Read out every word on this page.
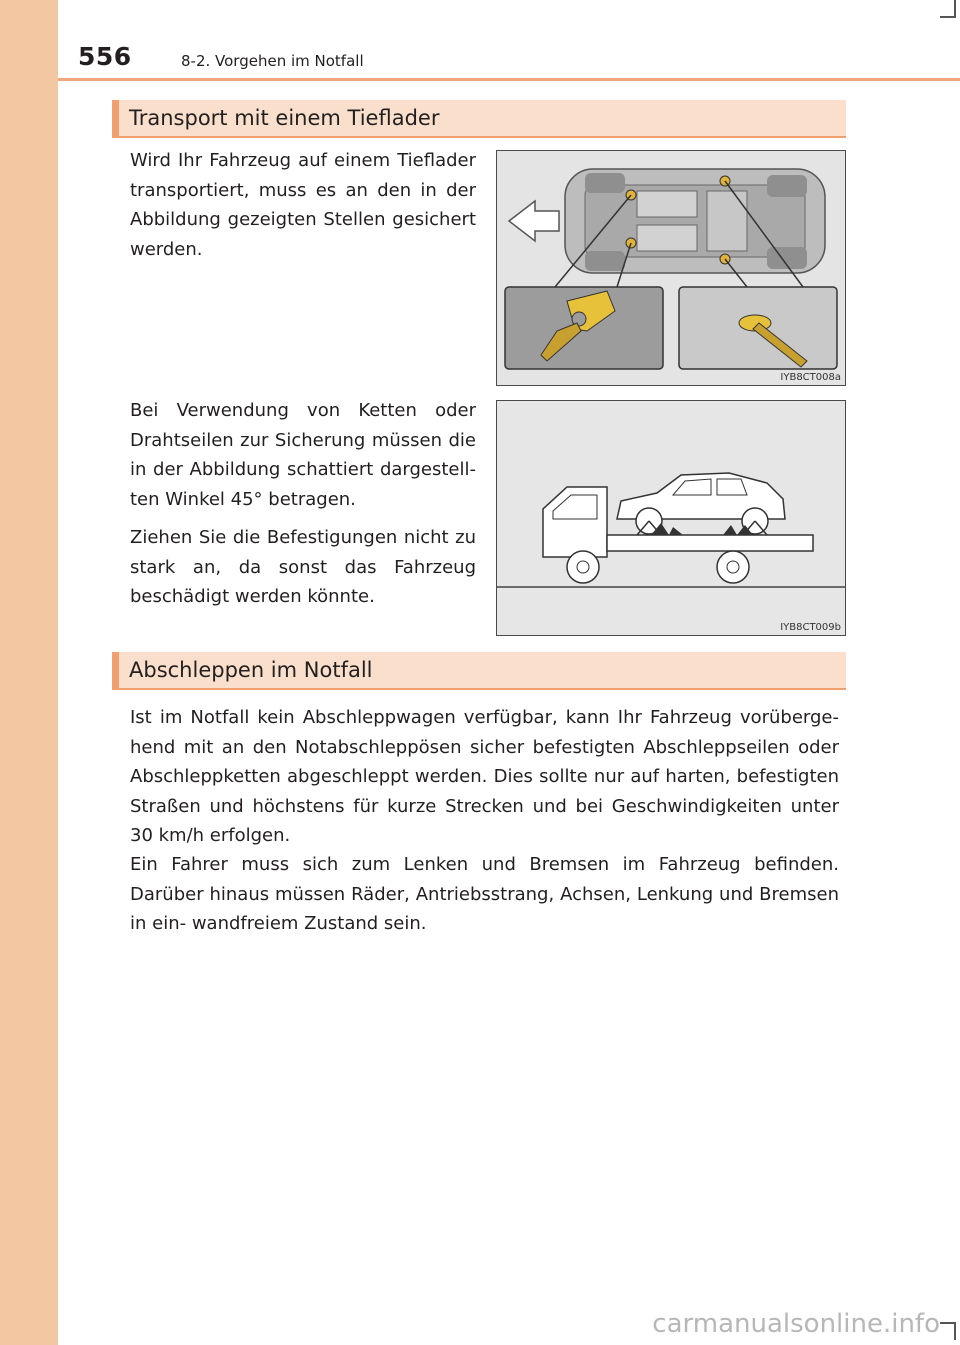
556	8-2. Vorgehen im Notfall
Transport mit einem Tieflader
Wird Ihr Fahrzeug auf einem Tieflader transportiert, muss es an den in der Abbildung gezeigten Stellen gesichert werden.
Bei Verwendung von Ketten oder Drahtseilen zur Sicherung müssen die in der Abbildung schattiert dargestell- ten Winkel 45° betragen.
Ziehen Sie die Befestigungen nicht zu stark an, da sonst das Fahrzeug beschädigt werden könnte.
IYB8CT008a
IYB8CT009b
Abschleppen im Notfall
Ist im Notfall kein Abschleppwagen verfügbar, kann Ihr Fahrzeug vorüberge- hend mit an den Notabschleppösen sicher befestigten Abschleppseilen oder Abschleppketten abgeschleppt werden. Dies sollte nur auf harten, befestigten Straßen und höchstens für kurze Strecken und bei Geschwindigkeiten unter 30 km/h erfolgen.
Ein Fahrer muss sich zum Lenken und Bremsen im Fahrzeug befinden. Darüber hinaus müssen Räder, Antriebsstrang, Achsen, Lenkung und Bremsen in ein- wandfreiem Zustand sein.
carmanualsonline.info
